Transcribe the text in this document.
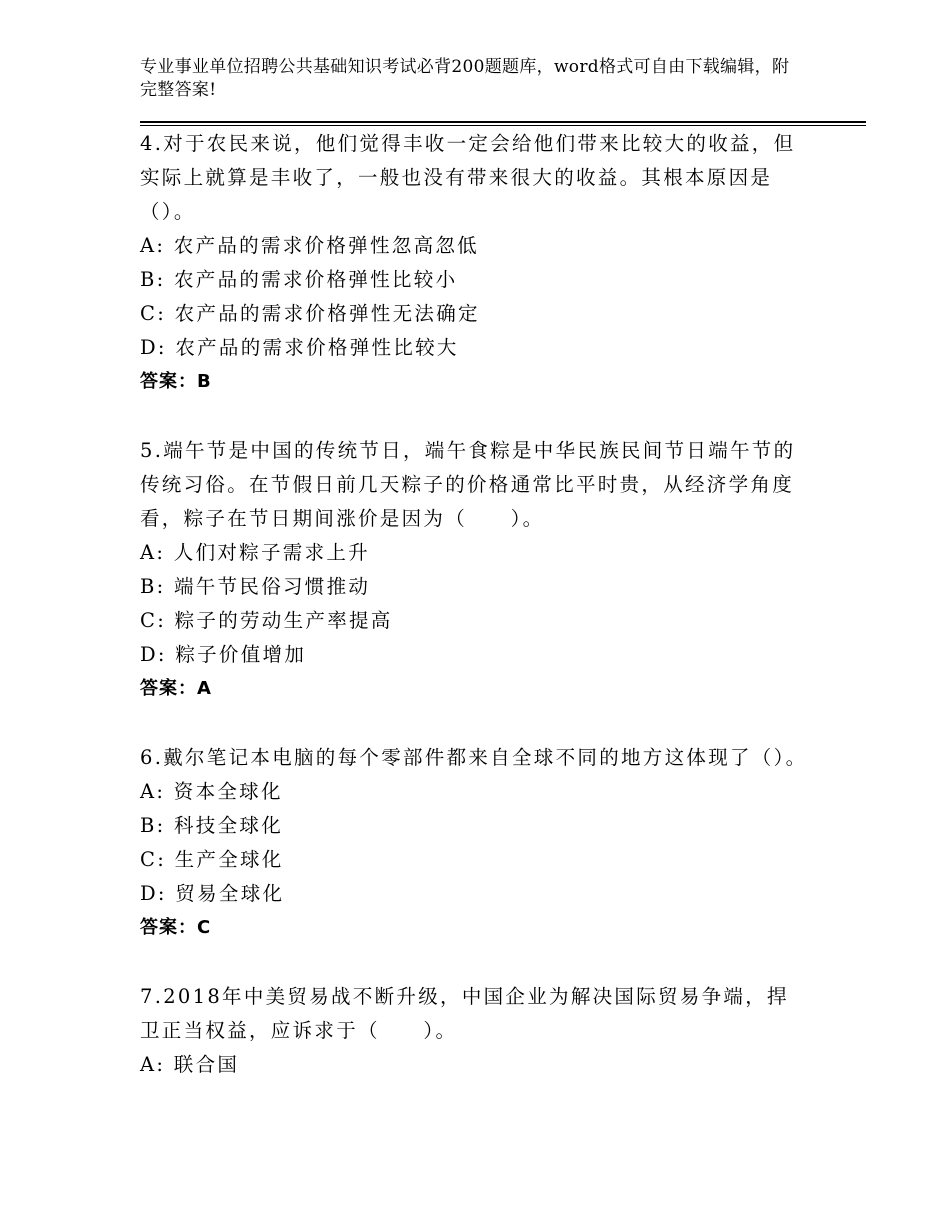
专业事业单位招聘公共基础知识考试必背200题题库，word格式可自由下载编辑，附完整答案!

4.对于农民来说，他们觉得丰收一定会给他们带来比较大的收益，但实际上就算是丰收了，一般也没有带来很大的收益。其根本原因是（）。

A: 农产品的需求价格弹性忽高忽低

B: 农产品的需求价格弹性比较小

C: 农产品的需求价格弹性无法确定

D: 农产品的需求价格弹性比较大

答案：B

5.端午节是中国的传统节日，端午食粽是中华民族民间节日端午节的传统习俗。在节假日前几天粽子的价格通常比平时贵，从经济学角度看，粽子在节日期间涨价是因为（　　）。

A: 人们对粽子需求上升

B: 端午节民俗习惯推动

C: 粽子的劳动生产率提高

D: 粽子价值增加

答案：A

6.戴尔笔记本电脑的每个零部件都来自全球不同的地方这体现了（）。

A: 资本全球化

B: 科技全球化

C: 生产全球化

D: 贸易全球化

答案：C

7.2018年中美贸易战不断升级，中国企业为解决国际贸易争端，捍卫正当权益，应诉求于（　　）。

A: 联合国
